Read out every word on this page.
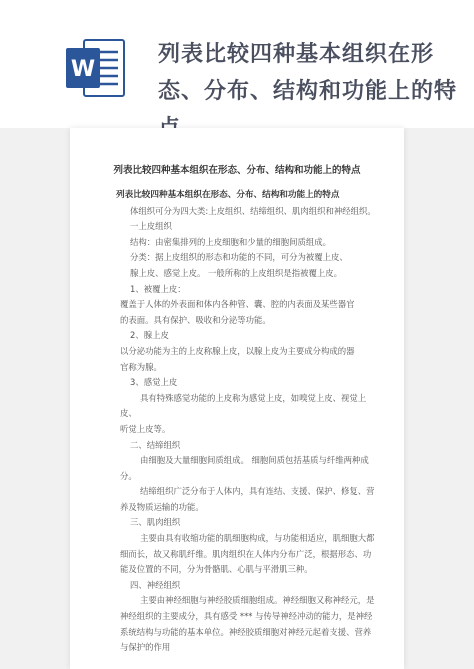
W
列表比较四种基本组织在形态、分布、结构和功能上的特
列表比较四种基本组织在形态、分布、结构和功能上的特点

列表比较四种基本组织在形态、分布、结构和功能上的特点

体组织可分为四大类:上皮组织、结缔组织、肌肉组织和神经组织。

一上皮组织

结构：由密集排列的上皮细胞和少量的细胞间质组成。

分类：据上皮组织的形态和功能的不同，可分为被覆上皮、

腺上皮、感觉上皮。 一般所称的上皮组织是指被覆上皮。

1、被覆上皮：

覆盖于人体的外表面和体内各种管、囊、腔的内表面及某些器官

的表面。具有保护、吸收和分泌等功能。

2、腺上皮

以分泌功能为主的上皮称腺上皮，以腺上皮为主要成分构成的器

官称为腺。

3、感觉上皮

具有特殊感觉功能的上皮称为感觉上皮，如嗅觉上皮、视觉上皮、

听觉上皮等。

二、结缔组织

由细胞及大量细胞间质组成。 细胞间质包括基质与纤维两种成分。

结缔组织广泛分布于人体内，具有连结、支援、保护、修复、营

养及物质运输的功能。

三、肌肉组织

主要由具有收缩功能的肌细胞构成，与功能相适应，肌细胞大都

细而长，故又称肌纤维。肌肉组织在人体内分布广泛，根据形态、功

能及位置的不同，分为骨骼肌、心肌与平滑肌三种。

四、神经组织

主要由神经细胞与神经胶质细胞组成。神经细胞又称神经元，是

神经组织的主要成分，具有感受 *** 与传导神经冲动的能力，是神经

系统结构与功能的基本单位。神经胶质细胞对神经元起着支援、营养

与保护的作用
